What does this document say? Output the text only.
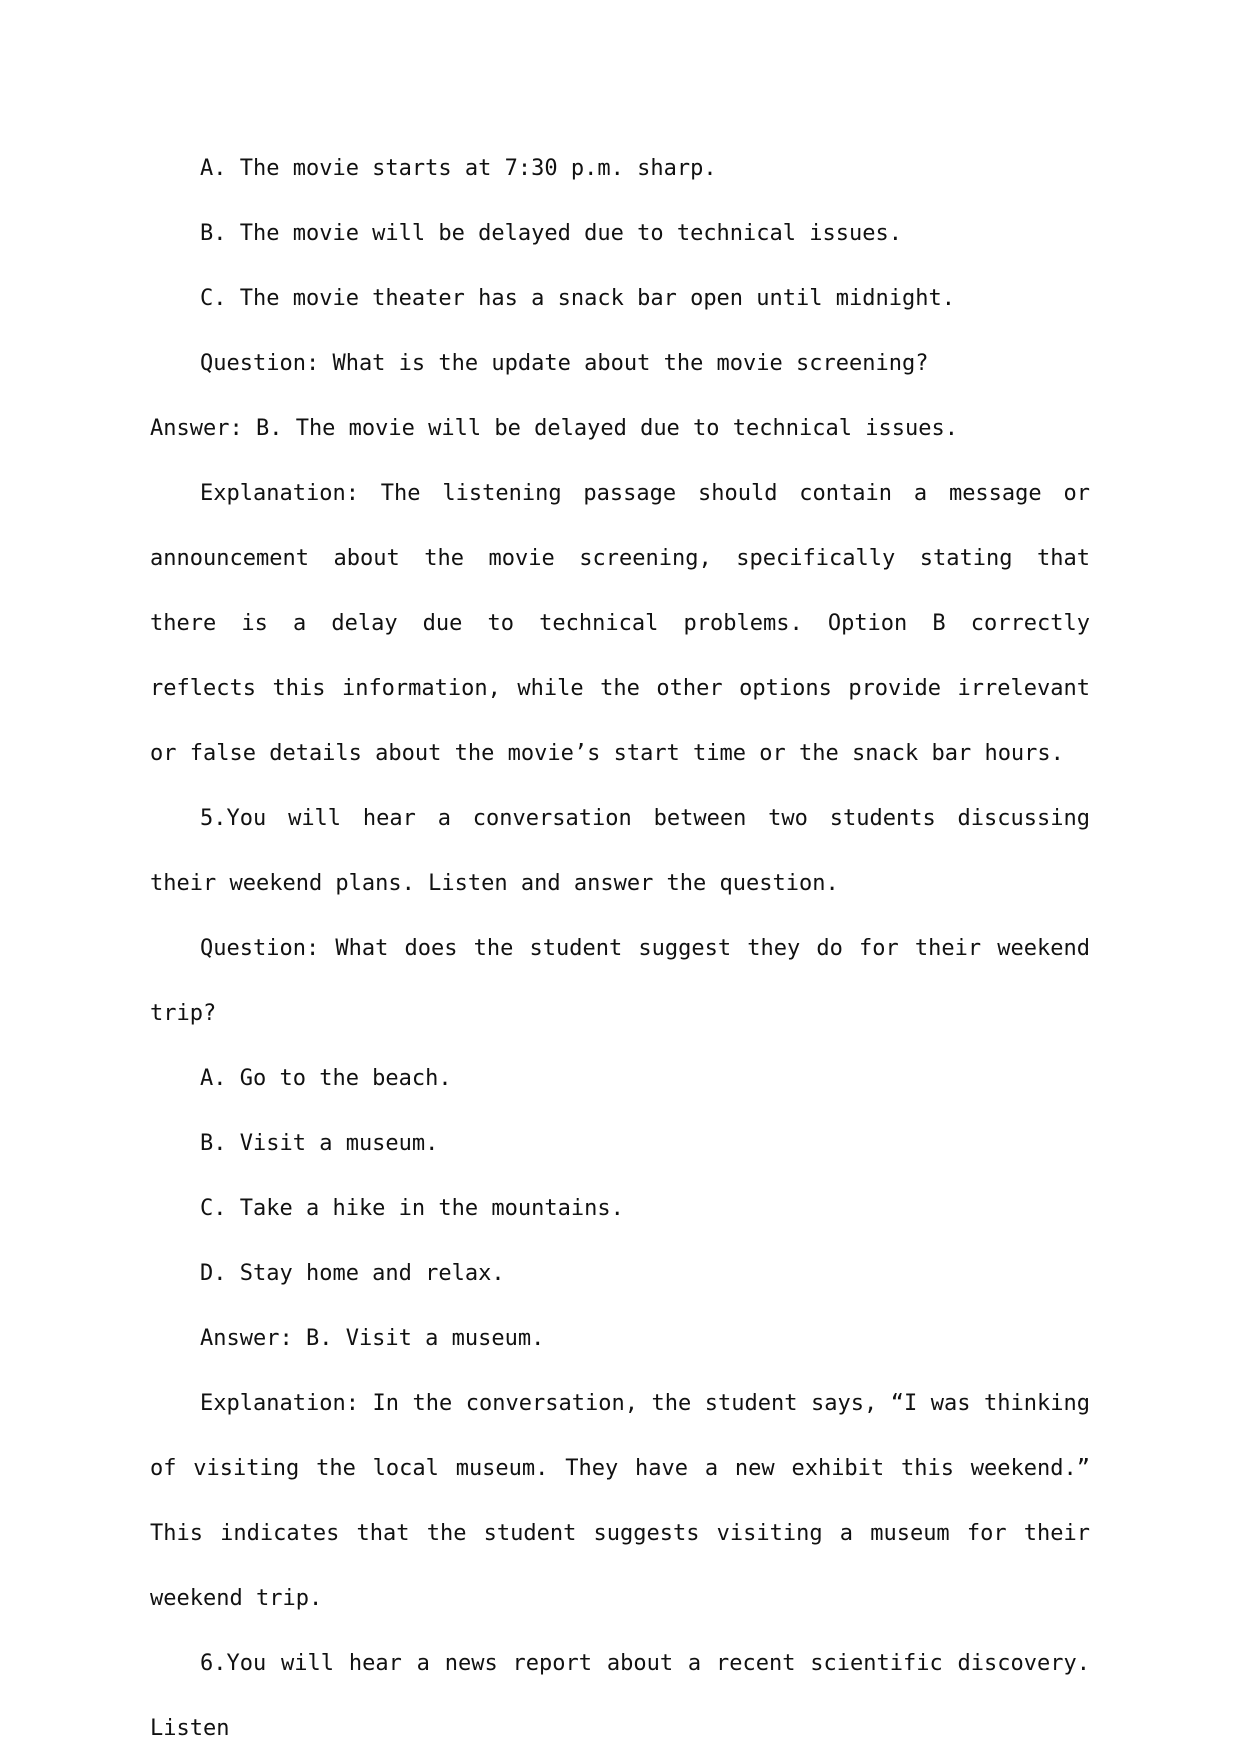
A. The movie starts at 7:30 p.m. sharp.

B. The movie will be delayed due to technical issues.

C. The movie theater has a snack bar open until midnight.

Question: What is the update about the movie screening?

Answer: B. The movie will be delayed due to technical issues.

Explanation: The listening passage should contain a message or announcement about the movie screening, specifically stating that there is a delay due to technical problems. Option B correctly reflects this information, while the other options provide irrelevant or false details about the movie’s start time or the snack bar hours.

5.You will hear a conversation between two students discussing their weekend plans. Listen and answer the question.

Question: What does the student suggest they do for their weekend trip?

A. Go to the beach.

B. Visit a museum.

C. Take a hike in the mountains.

D. Stay home and relax.

Answer: B. Visit a museum.

Explanation: In the conversation, the student says, “I was thinking of visiting the local museum. They have a new exhibit this weekend.” This indicates that the student suggests visiting a museum for their weekend trip.

6.You will hear a news report about a recent scientific discovery. Listen
